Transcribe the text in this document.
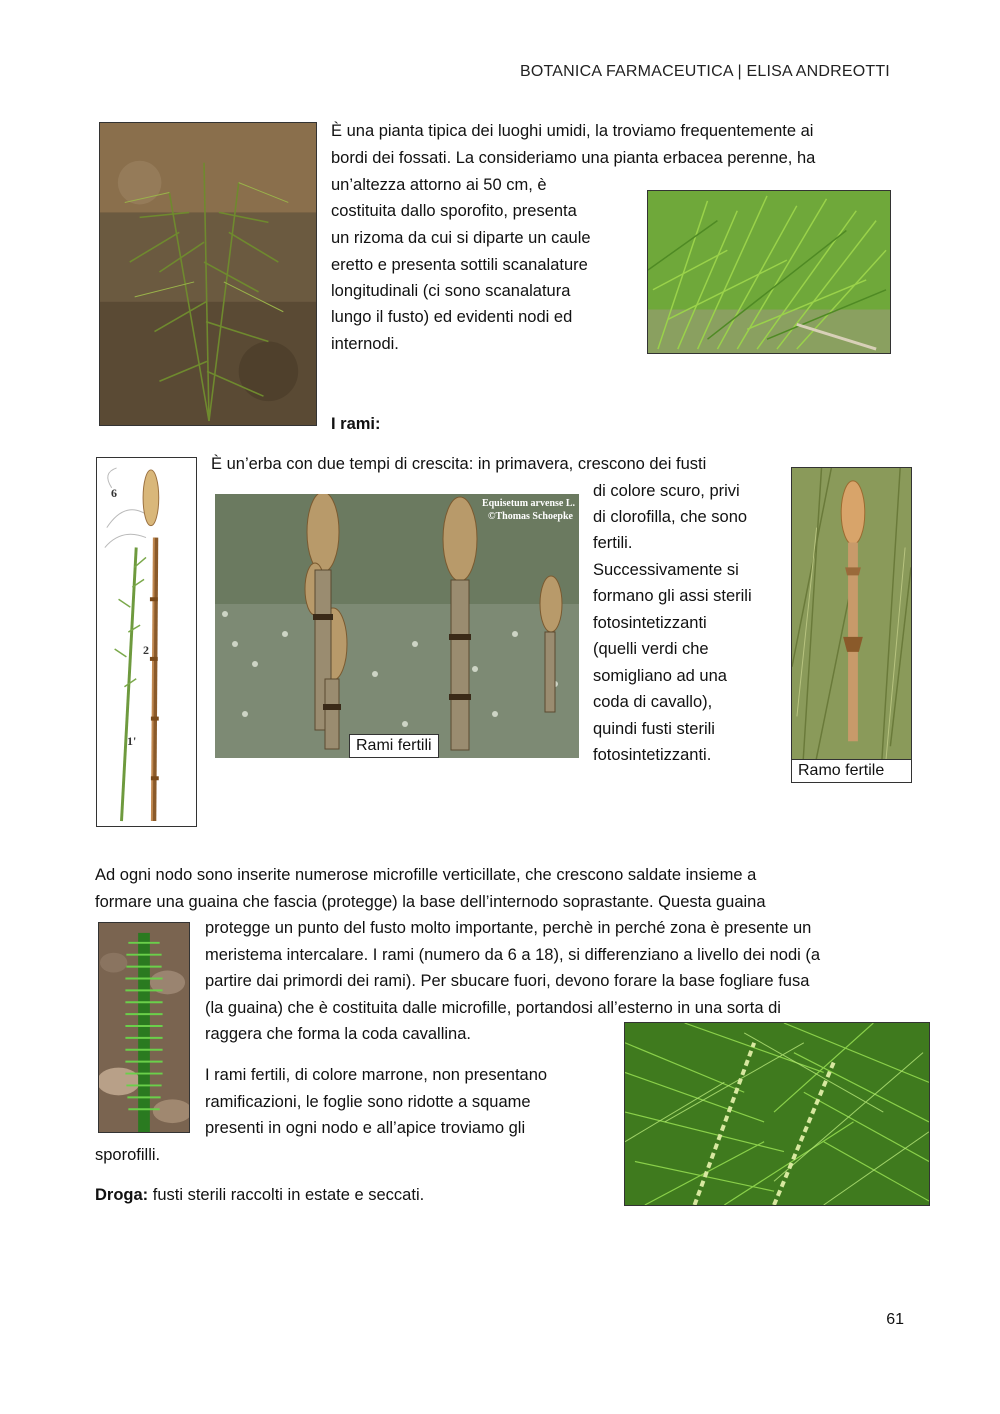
BOTANICA FARMACEUTICA | ELISA ANDREOTTI
È una pianta tipica dei luoghi umidi, la troviamo frequentemente ai
bordi dei fossati. La consideriamo una pianta erbacea perenne, ha
un’altezza attorno ai 50 cm, è
costituita dallo sporofito, presenta
un rizoma da cui si diparte un caule
eretto e presenta sottili scanalature
longitudinali (ci sono scanalatura
lungo il fusto) ed evidenti nodi ed
internodi.
I rami:
6
2
1'
È un’erba con due tempi di crescita: in primavera, crescono dei fusti
Equisetum arvense L.
©Thomas Schoepke
Rami fertili
di colore scuro, privi
di clorofilla, che sono
fertili.
Successivamente si
formano gli assi sterili
fotosintetizzanti
(quelli verdi che
somigliano ad una
coda di cavallo),
quindi fusti sterili
fotosintetizzanti.
Ramo fertile
Ad ogni nodo sono inserite numerose microfille verticillate, che crescono saldate insieme a
formare una guaina che fascia (protegge) la base dell’internodo soprastante. Questa guaina
protegge un punto del fusto molto importante, perchè in perché zona è presente un
meristema intercalare. I rami (numero da 6 a 18), si differenziano a livello dei nodi (a
partire dai primordi dei rami). Per sbucare fuori, devono forare la base fogliare fusa
(la guaina) che è costituita dalle microfille, portandosi all’esterno in una sorta di
raggera che forma la coda cavallina.
I rami fertili, di colore marrone, non presentano
ramificazioni, le foglie sono ridotte a squame
presenti in ogni nodo e all’apice troviamo gli
sporofilli.
Droga: fusti sterili raccolti in estate e seccati.
61
